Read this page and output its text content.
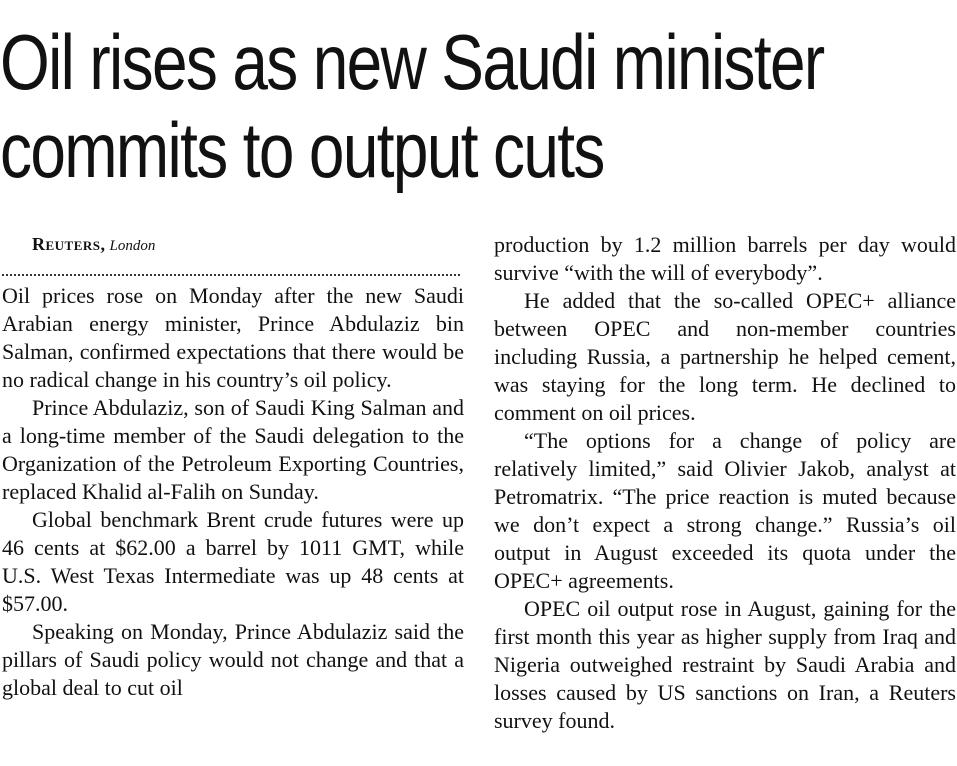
Oil rises as new Saudi minister
commits to output cuts

Reuters, London

Oil prices rose on Monday after the new Saudi Arabian energy minister, Prince Abdulaziz bin Salman, confirmed expectations that there would be no radical change in his country’s oil policy.

Prince Abdulaziz, son of Saudi King Salman and a long-time member of the Saudi delegation to the Organization of the Petroleum Exporting Countries, replaced Khalid al-Falih on Sunday.

Global benchmark Brent crude futures were up 46 cents at $62.00 a barrel by 1011 GMT, while U.S. West Texas Intermediate was up 48 cents at $57.00.

Speaking on Monday, Prince Abdulaziz said the pillars of Saudi policy would not change and that a global deal to cut oil

production by 1.2 million barrels per day would survive “with the will of everybody”.

He added that the so-called OPEC+ alliance between OPEC and non-member countries including Russia, a partnership he helped cement, was staying for the long term. He declined to comment on oil prices.

“The options for a change of policy are relatively limited,” said Olivier Jakob, analyst at Petromatrix. “The price reaction is muted because we don’t expect a strong change.” Russia’s oil output in August exceeded its quota under the OPEC+ agreements.

OPEC oil output rose in August, gaining for the first month this year as higher supply from Iraq and Nigeria outweighed restraint by Saudi Arabia and losses caused by US sanctions on Iran, a Reuters survey found.
